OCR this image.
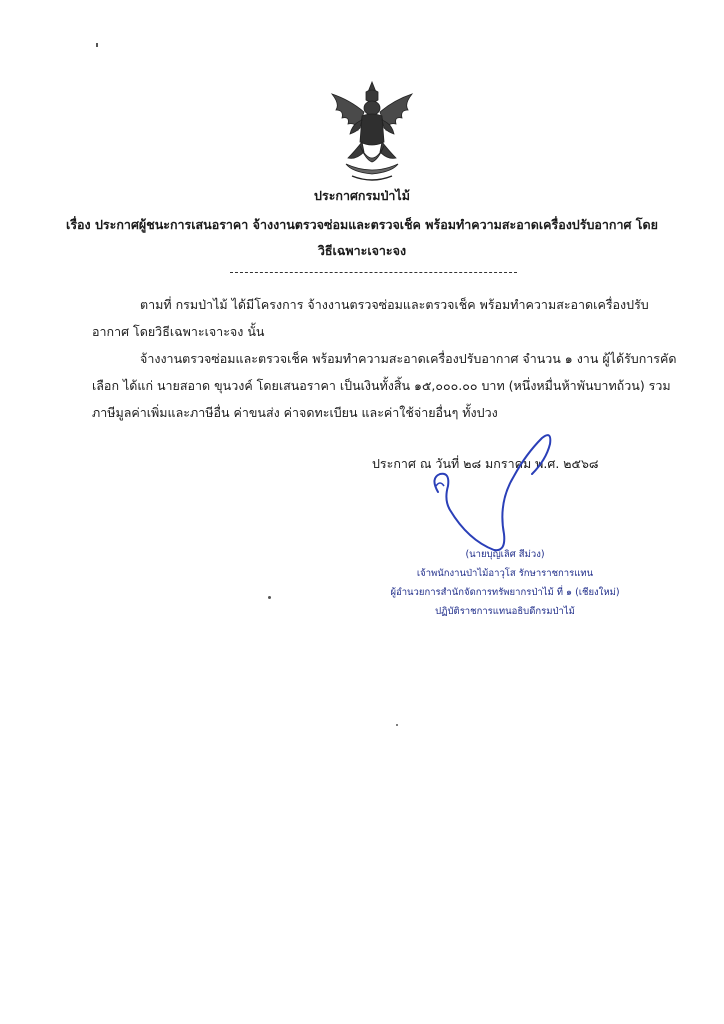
ประกาศกรมป่าไม้
เรื่อง ประกาศผู้ชนะการเสนอราคา จ้างงานตรวจซ่อมและตรวจเช็ค พร้อมทำความสะอาดเครื่องปรับอากาศ โดยวิธีเฉพาะเจาะจง
ตามที่ กรมป่าไม้ ได้มีโครงการ จ้างงานตรวจซ่อมและตรวจเช็ค พร้อมทำความสะอาดเครื่องปรับอากาศ โดยวิธีเฉพาะเจาะจง นั้น
จ้างงานตรวจซ่อมและตรวจเช็ค พร้อมทำความสะอาดเครื่องปรับอากาศ จำนวน ๑ งาน ผู้ได้รับการคัดเลือก ได้แก่ นายสอาด ขุนวงค์ โดยเสนอราคา เป็นเงินทั้งสิ้น ๑๕,๐๐๐.๐๐ บาท (หนึ่งหมื่นห้าพันบาทถ้วน) รวมภาษีมูลค่าเพิ่มและภาษีอื่น ค่าขนส่ง ค่าจดทะเบียน และค่าใช้จ่ายอื่นๆ ทั้งปวง
ประกาศ ณ วันที่ ๒๘ มกราคม พ.ศ. ๒๕๖๘
(นายบุญเลิศ สีม่วง)
เจ้าพนักงานป่าไม้อาวุโส รักษาราชการแทน
ผู้อำนวยการสำนักจัดการทรัพยากรป่าไม้ ที่ ๑ (เชียงใหม่)
ปฏิบัติราชการแทนอธิบดีกรมป่าไม้
